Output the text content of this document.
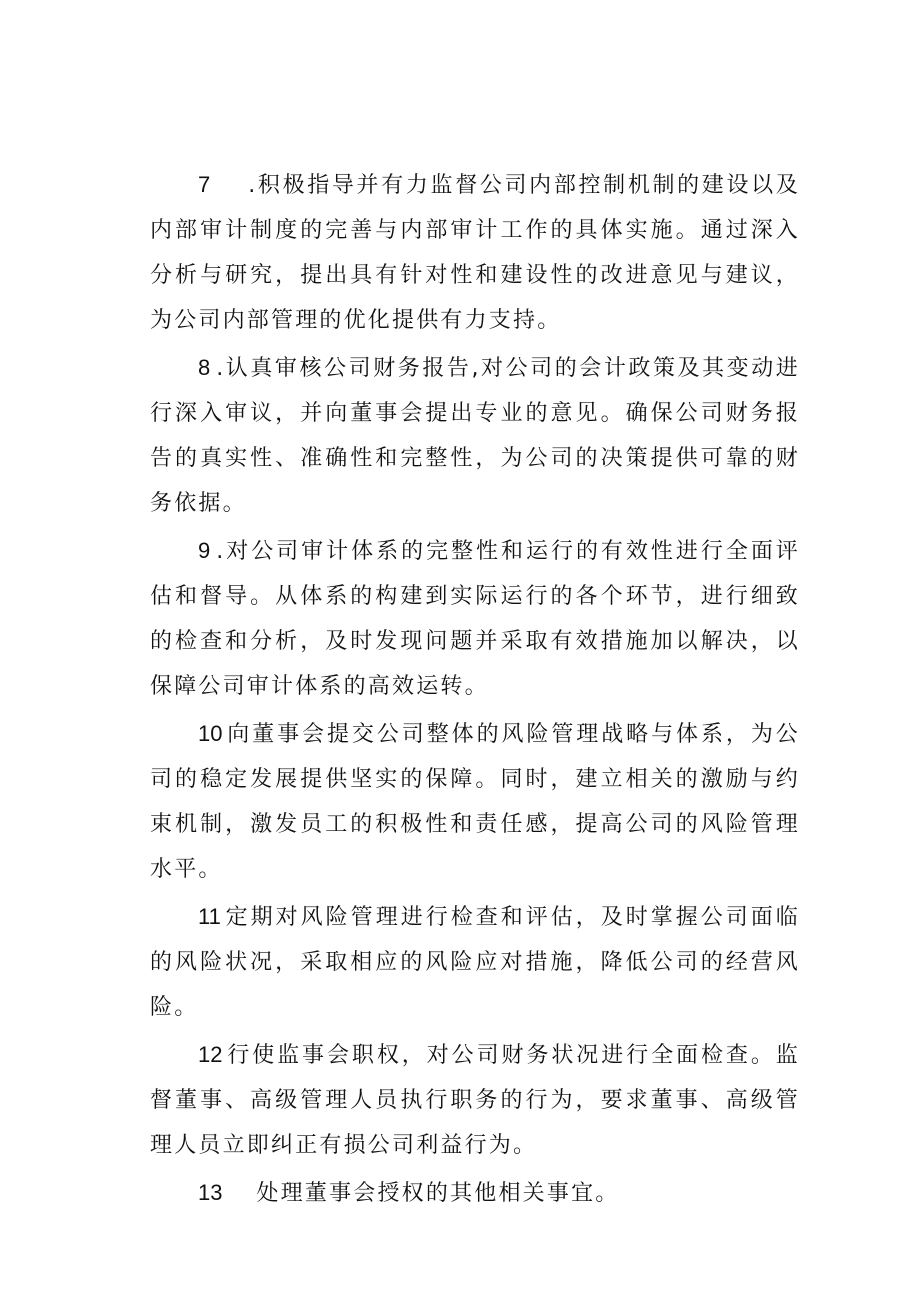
7 .积极指导并有力监督公司内部控制机制的建设以及内部审计制度的完善与内部审计工作的具体实施。通过深入分析与研究，提出具有针对性和建设性的改进意见与建议，为公司内部管理的优化提供有力支持。

8 .认真审核公司财务报告,对公司的会计政策及其变动进行深入审议，并向董事会提出专业的意见。确保公司财务报告的真实性、准确性和完整性，为公司的决策提供可靠的财务依据。

9 .对公司审计体系的完整性和运行的有效性进行全面评估和督导。从体系的构建到实际运行的各个环节，进行细致的检查和分析，及时发现问题并采取有效措施加以解决，以保障公司审计体系的高效运转。

10 向董事会提交公司整体的风险管理战略与体系，为公司的稳定发展提供坚实的保障。同时，建立相关的激励与约束机制，激发员工的积极性和责任感，提高公司的风险管理水平。

11 定期对风险管理进行检查和评估，及时掌握公司面临的风险状况，采取相应的风险应对措施，降低公司的经营风险。

12 行使监事会职权，对公司财务状况进行全面检查。监督董事、高级管理人员执行职务的行为，要求董事、高级管理人员立即纠正有损公司利益行为。

13 处理董事会授权的其他相关事宜。
